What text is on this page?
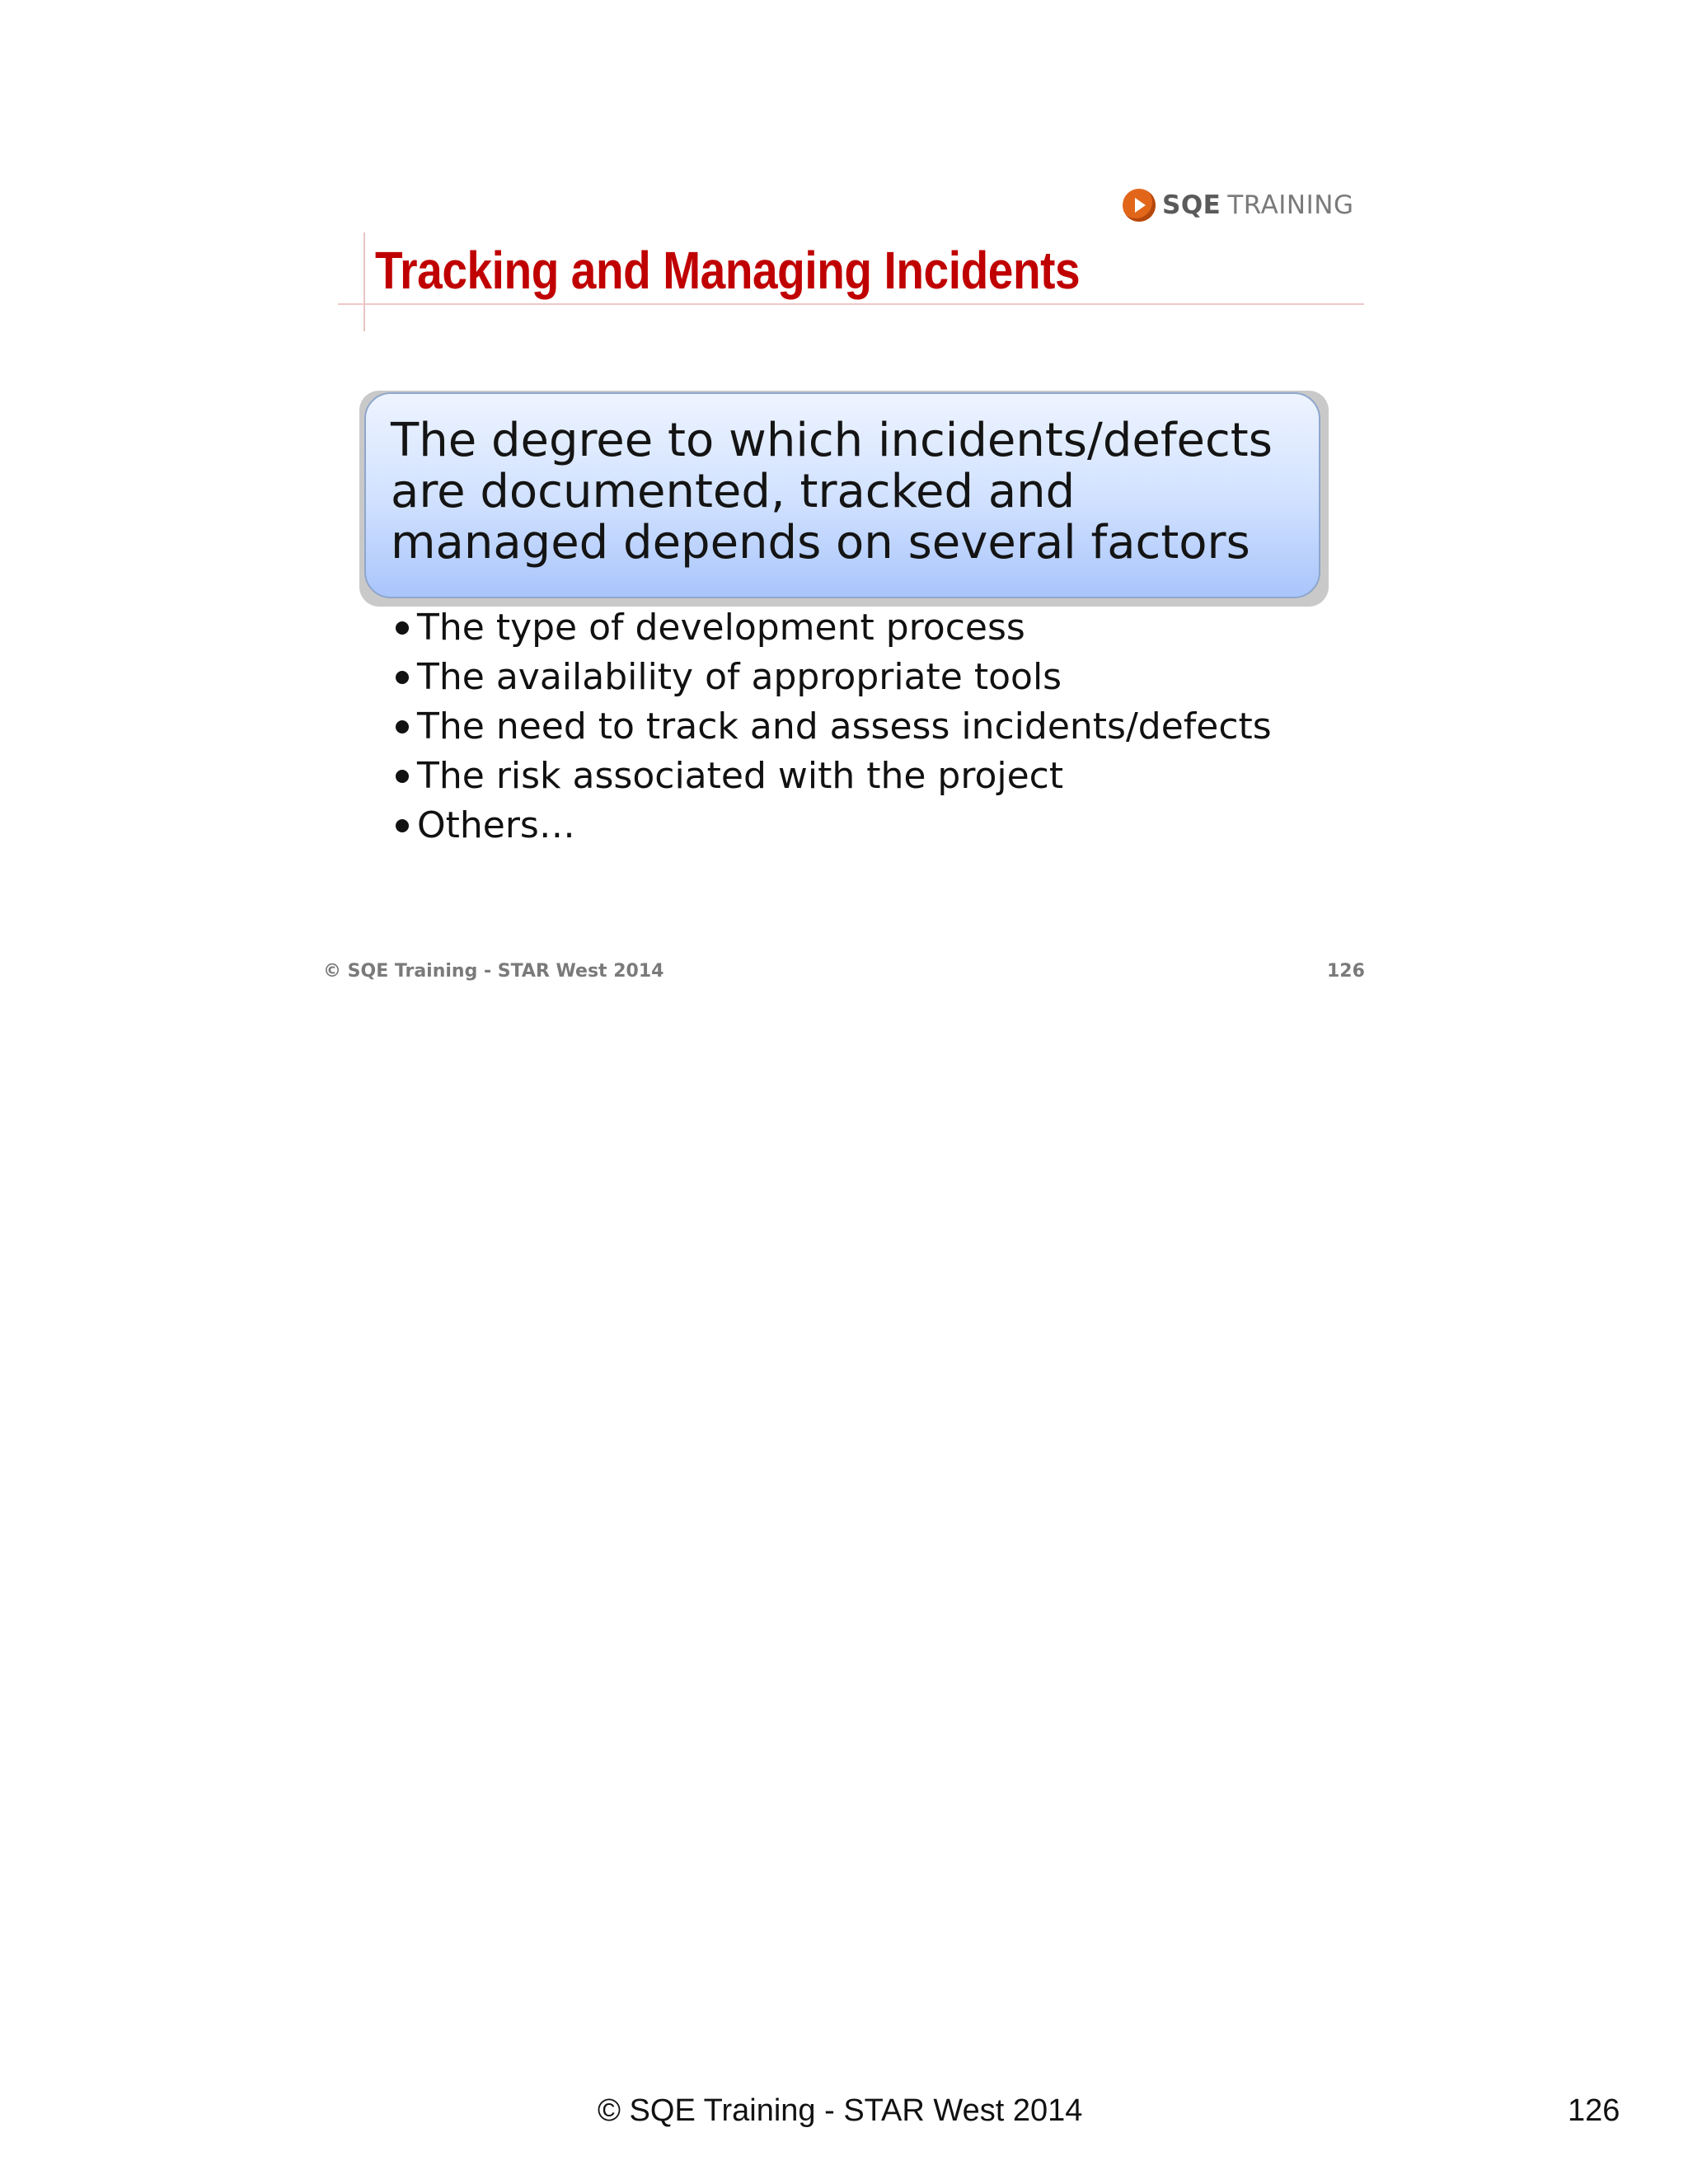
SQE TRAINING
Tracking and Managing Incidents

The degree to which incidents/defects
are documented, tracked and
managed depends on several factors

The type of development process
The availability of appropriate tools
The need to track and assess incidents/defects
The risk associated with the project
Others…
© SQE Training - STAR West 2014	126
© SQE Training - STAR West 2014	126
